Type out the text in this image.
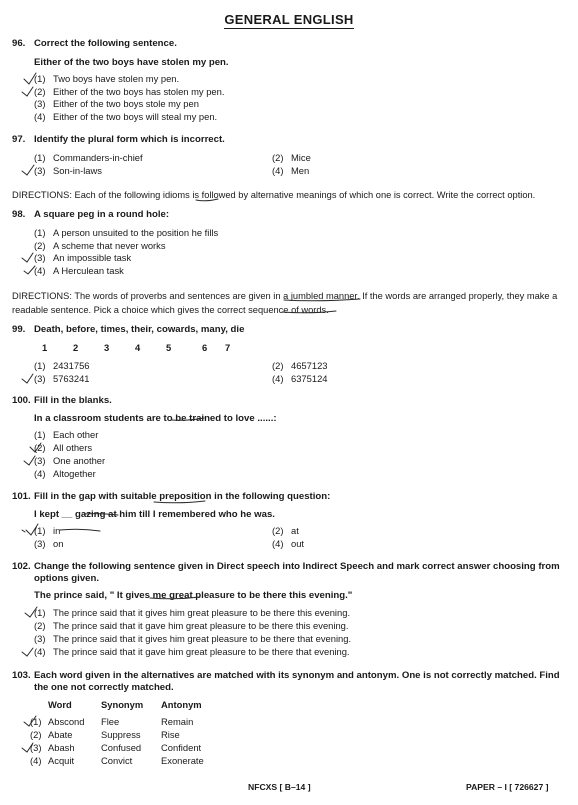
GENERAL ENGLISH
96. Correct the following sentence.
Either of the two boys have stolen my pen.
(1) Two boys have stolen my pen.
(2) Either of the two boys has stolen my pen.
(3) Either of the two boys stole my pen
(4) Either of the two boys will steal my pen.
97. Identify the plural form which is incorrect.
(1) Commanders-in-chief	(2) Mice
(3) Son-in-laws	(4) Men
DIRECTIONS: Each of the following idioms is followed by alternative meanings of which one is correct. Write the correct option.
98. A square peg in a round hole:
(1) A person unsuited to the position he fills
(2) A scheme that never works
(3) An impossible task
(4) A Herculean task
DIRECTIONS: The words of proverbs and sentences are given in a jumbled manner. If the words are arranged properly, they make a readable sentence. Pick a choice which gives the correct sequence of words.
99. Death, before, times, their, cowards, many, die
1	2	3	4	5	6 7
(1) 2431756	(2) 4657123
(3) 5763241	(4) 6375124
100. Fill in the blanks.
In a classroom students are to be trained to love ......:
(1) Each other
(2) All others
(3) One another
(4) Altogether
101. Fill in the gap with suitable preposition in the following question:
I kept __ gazing at him till I remembered who he was.
(1) in	(2) at
(3) on	(4) out
102. Change the following sentence given in Direct speech into Indirect Speech and mark correct answer choosing from
options given.
The prince said, " It gives me great pleasure to be there this evening."
(1) The prince said that it gives him great pleasure to be there this evening.
(2) The prince said that it gave him great pleasure to be there this evening.
(3) The prince said that it gives him great pleasure to be there that evening.
(4) The prince said that it gave him great pleasure to be there that evening.
103. Each word given in the alternatives are matched with its synonym and antonym. One is not correctly matched. Find
the one not correctly matched.
Word	Synonym Antonym
(1) Abscond Flee	Remain
(2) Abate	Suppress Rise
(3) Abash	Confused Confident
(4) Acquit	Convict	Exonerate
NFCXS [ B–14 ]	PAPER – I [ 726627 ]
